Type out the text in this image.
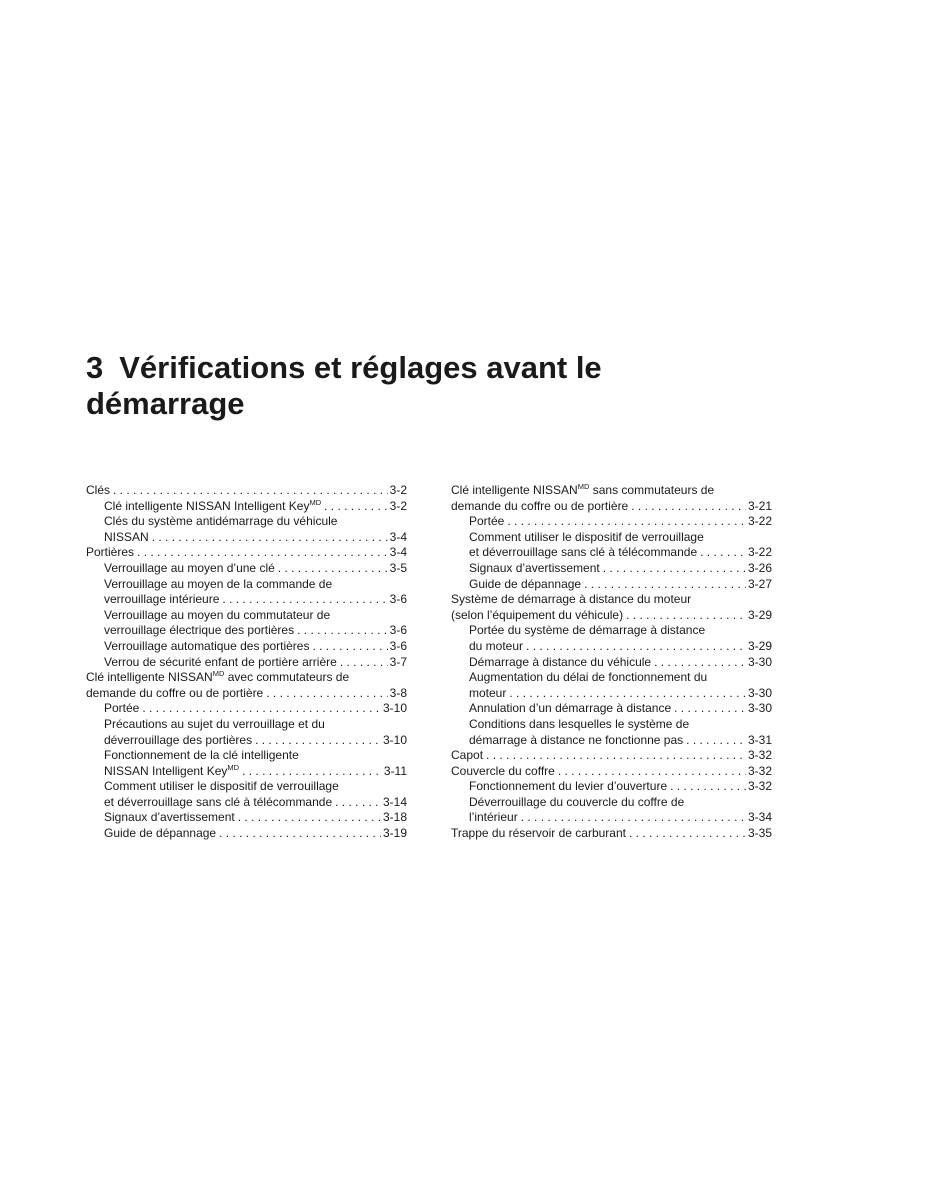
3 Vérifications et réglages avant le
démarrage
Clés . . .	3-2
Clé intelligente NISSAN Intelligent Key$^{MD}$ . . .	3-2
Clés du système antidémarrage du véhicule
NISSAN . . .	3-4
Portières . . .	3-4
Verrouillage au moyen d’une clé . . .	3-5
Verrouillage au moyen de la commande de
verrouillage intérieure . . .	3-6
Verrouillage au moyen du commutateur de
verrouillage électrique des portières . . .	3-6
Verrouillage automatique des portières . . .	3-6
Verrou de sécurité enfant de portière arrière . . .	3-7
Clé intelligente $NISSAN^{MD}$ avec commutateurs de
demande du coffre ou de portière . . .	3-8
Portée . . .	3-10
Précautions au sujet du verrouillage et du
déverrouillage des portières . . .	3-10
Fonctionnement de la clé intelligente
NISSAN Intelligent Key$^{MD}$ . . .	3-11
Comment utiliser le dispositif de verrouillage
et déverrouillage sans clé à télécommande . . .	3-14
Signaux d’avertissement . . .	3-18
Guide de dépannage . . .	3-19
Clé intelligente $NISSAN^{MD}$ sans commutateurs de
demande du coffre ou de portière . . .	3-21
Portée . . .	3-22
Comment utiliser le dispositif de verrouillage
et déverrouillage sans clé à télécommande . . .	3-22
Signaux d’avertissement . . .	3-26
Guide de dépannage . . .	3-27
Système de démarrage à distance du moteur
(selon l’équipement du véhicule) . . .	3-29
Portée du système de démarrage à distance
du moteur . . .	3-29
Démarrage à distance du véhicule . . .	3-30
Augmentation du délai de fonctionnement du
moteur . . .	3-30
Annulation d’un démarrage à distance . . .	3-30
Conditions dans lesquelles le système de
démarrage à distance ne fonctionne pas . . .	3-31
Capot . . .	3-32
Couvercle du coffre . . .	3-32
Fonctionnement du levier d’ouverture . . .	3-32
Déverrouillage du couvercle du coffre de
l’intérieur . . .	3-34
Trappe du réservoir de carburant . . .	3-35
